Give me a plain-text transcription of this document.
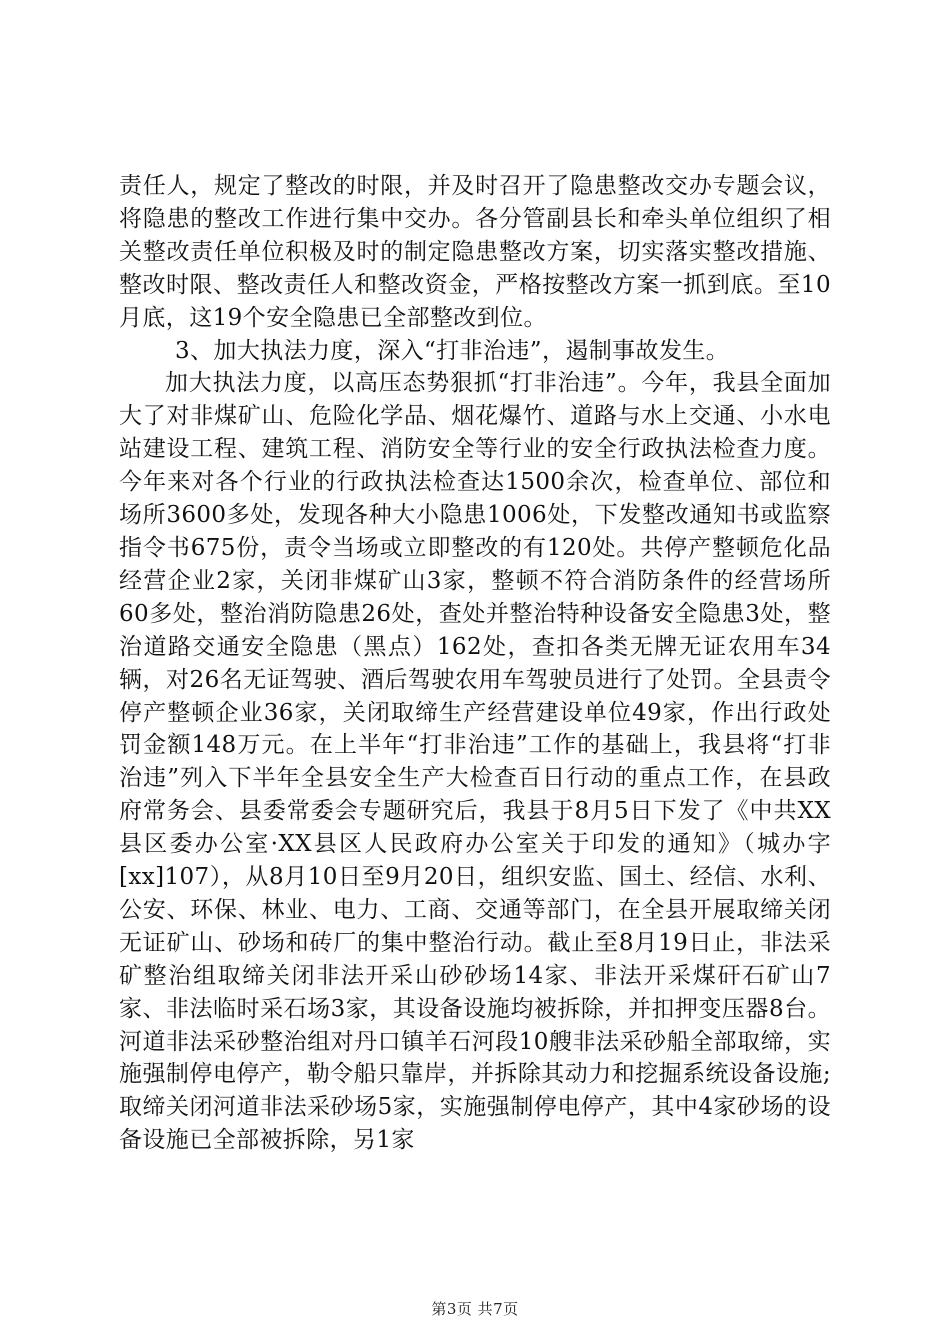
责任人，规定了整改的时限，并及时召开了隐患整改交办专题会议，将隐患的整改工作进行集中交办。各分管副县长和牵头单位组织了相关整改责任单位积极及时的制定隐患整改方案，切实落实整改措施、整改时限、整改责任人和整改资金，严格按整改方案一抓到底。至10月底，这19个安全隐患已全部整改到位。

3、加大执法力度，深入“打非治违”，遏制事故发生。

加大执法力度，以高压态势狠抓“打非治违”。今年，我县全面加大了对非煤矿山、危险化学品、烟花爆竹、道路与水上交通、小水电站建设工程、建筑工程、消防安全等行业的安全行政执法检查力度。今年来对各个行业的行政执法检查达1500余次，检查单位、部位和场所3600多处，发现各种大小隐患1006处，下发整改通知书或监察指令书675份，责令当场或立即整改的有120处。共停产整顿危化品经营企业2家，关闭非煤矿山3家，整顿不符合消防条件的经营场所60多处，整治消防隐患26处，查处并整治特种设备安全隐患3处，整治道路交通安全隐患（黑点）162处，查扣各类无牌无证农用车34辆，对26名无证驾驶、酒后驾驶农用车驾驶员进行了处罚。全县责令停产整顿企业36家，关闭取缔生产经营建设单位49家，作出行政处罚金额148万元。在上半年“打非治违”工作的基础上，我县将“打非治违”列入下半年全县安全生产大检查百日行动的重点工作，在县政府常务会、县委常委会专题研究后，我县于8月5日下发了《中共XX县区委办公室·XX县区人民政府办公室关于印发的通知》（城办字[xx]107），从8月10日至9月20日，组织安监、国土、经信、水利、公安、环保、林业、电力、工商、交通等部门，在全县开展取缔关闭无证矿山、砂场和砖厂的集中整治行动。截止至8月19日止，非法采矿整治组取缔关闭非法开采山砂砂场14家、非法开采煤矸石矿山7家、非法临时采石场3家，其设备设施均被拆除，并扣押变压器8台。河道非法采砂整治组对丹口镇羊石河段10艘非法采砂船全部取缔，实施强制停电停产，勒令船只靠岸，并拆除其动力和挖掘系统设备设施;取缔关闭河道非法采砂场5家，实施强制停电停产，其中4家砂场的设备设施已全部被拆除，另1家

第3页 共7页
